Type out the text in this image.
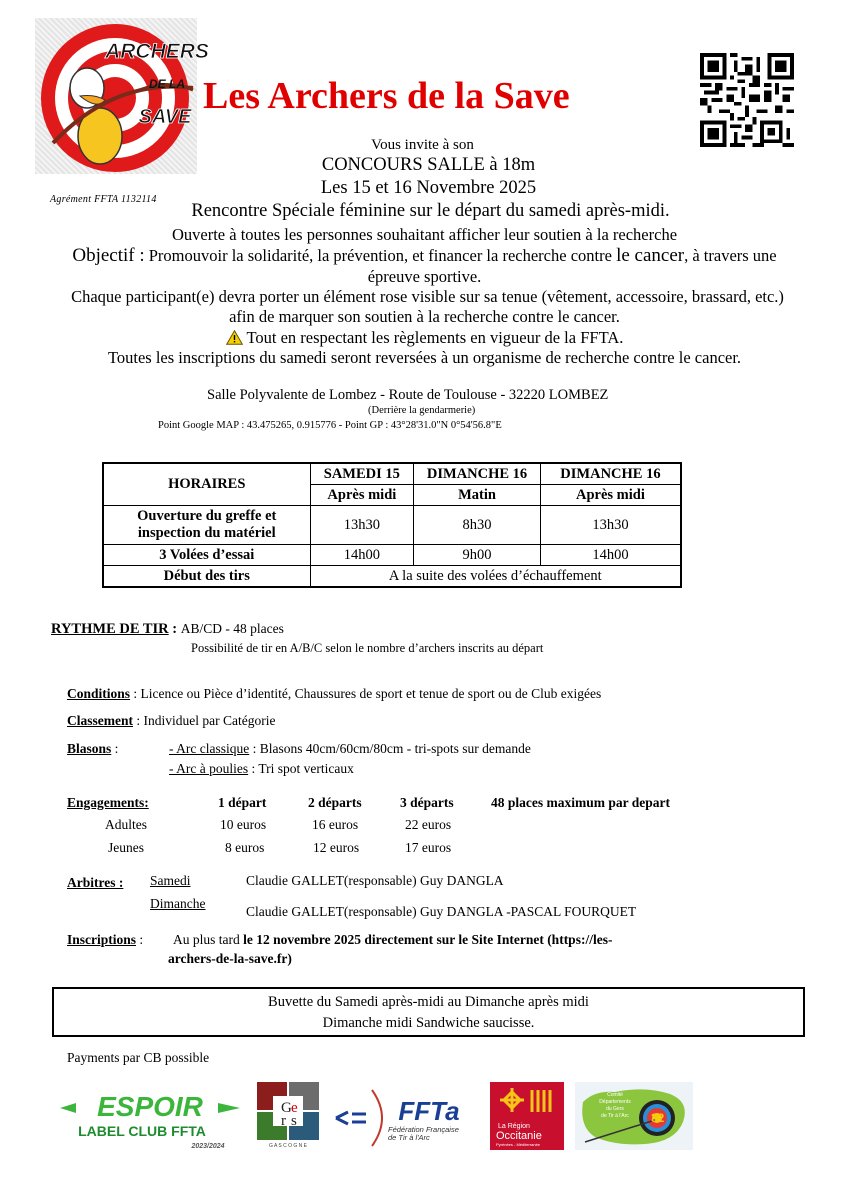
ARCHERS
DE LA
SAVE
Agrément FFTA 1132114
Les Archers de la Save
Vous invite à son
CONCOURS SALLE à 18m
Les 15 et 16 Novembre 2025
Rencontre Spéciale féminine sur le départ du samedi après-midi.
Ouverte à toutes les personnes souhaitant afficher leur soutien à la recherche
Objectif : Promouvoir la solidarité, la prévention, et financer la recherche contre le cancer, à travers une
épreuve sportive.
Chaque participant(e) devra porter un élément rose visible sur sa tenue (vêtement, accessoire, brassard, etc.)
afin de marquer son soutien à la recherche contre le cancer.
Tout en respectant les règlements en vigueur de la FFTA.
Toutes les inscriptions du samedi seront reversées à un organisme de recherche contre le cancer.
Salle Polyvalente de Lombez - Route de Toulouse - 32220 LOMBEZ
(Derrière la gendarmerie)
Point Google MAP : 43.475265, 0.915776 - Point GP : 43°28'31.0"N 0°54'56.8"E
HORAIRES	SAMEDI 15	DIMANCHE 16	DIMANCHE 16
	Après midi	Matin	Après midi
Ouverture du greffe et
inspection du matériel	13h30	8h30	13h30
3 Volées d’essai	14h00	9h00	14h00
Début des tirs	A la suite des volées d’échauffement		
RYTHME DE TIR : AB/CD - 48 places
Possibilité de tir en A/B/C selon le nombre d’archers inscrits au départ
Conditions : Licence ou Pièce d’identité, Chaussures de sport et tenue de sport ou de Club exigées
Classement : Individuel par Catégorie
Blasons :	- Arc classique : Blasons 40cm/60cm/80cm - tri-spots sur demande
- Arc à poulies : Tri spot verticaux
Engagements:	1 départ	2 départs	3 départs	48 places maximum par depart
Adultes	10 euros	16 euros	22 euros
Jeunes	8 euros	12 euros	17 euros
Arbitres : Samedi	Claudie GALLET(responsable) Guy DANGLA
Dimanche
Claudie GALLET(responsable) Guy DANGLA -PASCAL FOURQUET
Inscriptions : Au plus tard le 12 novembre 2025 directement sur le Site Internet (https://les-
archers-de-la-save.fr)
Buvette du Samedi après-midi au Dimanche après midi
Dimanche midi Sandwiche saucisse.
Payments par CB possible
ESPOIR
LABEL CLUB FFTA
2023/2024
G e
r s
G A S C O G N E
FFTa
Fédération Française
de Tir à l'Arc
La Région
Occitanie
Pyrénées - Méditerranée
32
Comité
Départements
du Gers
de Tir à l'Arc
